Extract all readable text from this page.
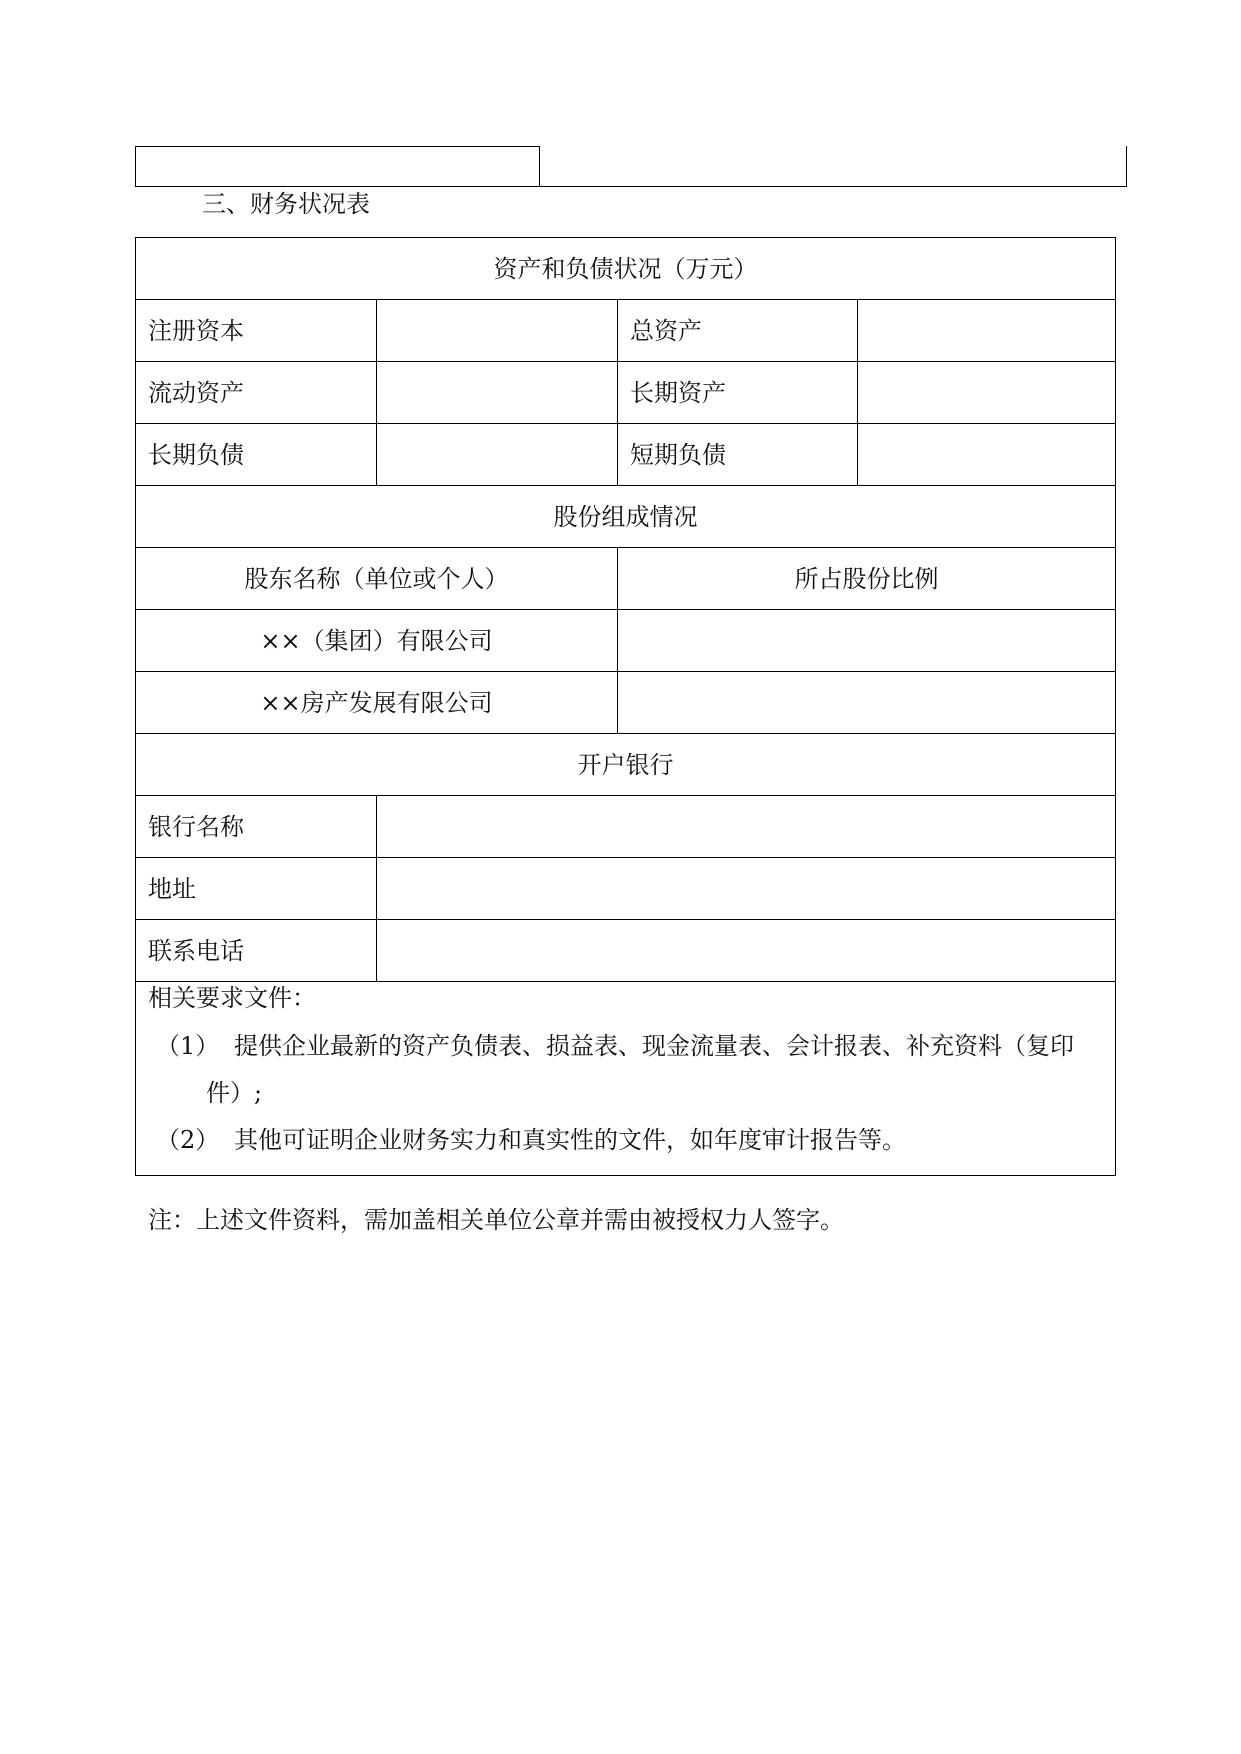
三、财务状况表
资产和负债状况（万元）
注册资本	总资产
流动资产	长期资产
长期负债	短期负债
股份组成情况
股东名称（单位或个人）	所占股份比例
××（集团）有限公司
××房产发展有限公司
开户银行
银行名称
地址
联系电话
相关要求文件：
（1） 提供企业最新的资产负债表、损益表、现金流量表、会计报表、补充资料（复印
件）;
（2） 其他可证明企业财务实力和真实性的文件，如年度审计报告等。
注：上述文件资料，需加盖相关单位公章并需由被授权力人签字。
